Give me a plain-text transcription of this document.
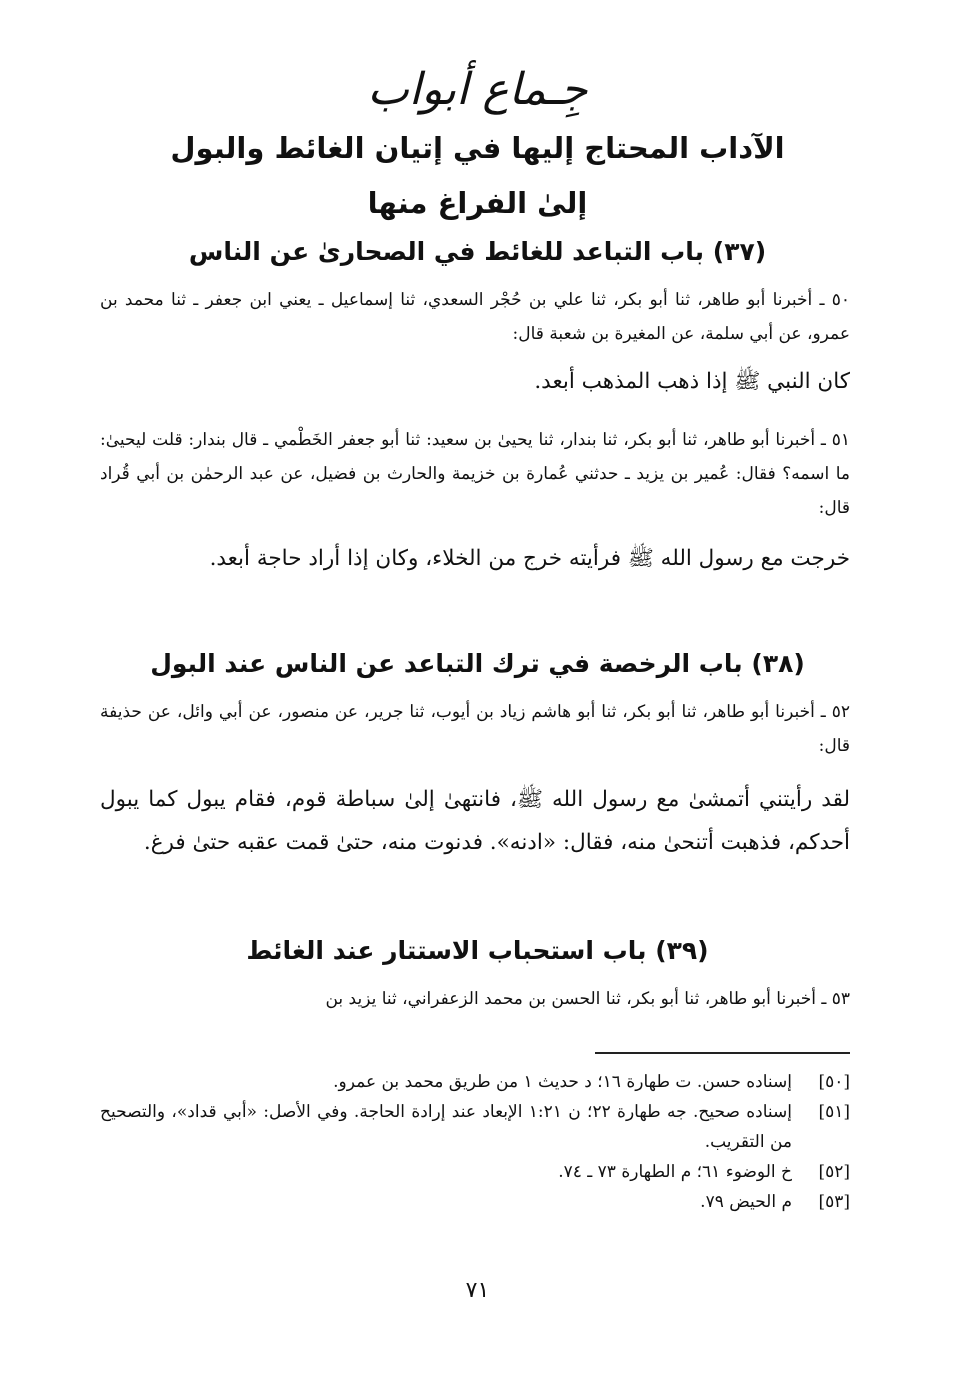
جِـماع أبواب
الآداب المحتاج إليها في إتيان الغائط والبول
إلىٰ الفراغ منها
(٣٧) باب التباعد للغائط في الصحارىٰ عن الناس
٥٠ ـ أخبرنا أبو طاهر، ثنا أبو بكر، ثنا علي بن حُجْر السعدي، ثنا إسماعيل ـ يعني ابن جعفر ـ ثنا محمد بن عمرو، عن أبي سلمة، عن المغيرة بن شعبة قال:
كان النبي ﷺ إذا ذهب المذهب أبعد.
٥١ ـ أخبرنا أبو طاهر، ثنا أبو بكر، ثنا بندار، ثنا يحيىٰ بن سعيد: ثنا أبو جعفر الخَطْمي ـ قال بندار: قلت ليحيىٰ: ما اسمه؟ فقال: عُمير بن يزيد ـ حدثني عُمارة بن خزيمة والحارث بن فضيل، عن عبد الرحمٰن بن أبي قُراد قال:
خرجت مع رسول الله ﷺ فرأيته خرج من الخلاء، وكان إذا أراد حاجة أبعد.
(٣٨) باب الرخصة في ترك التباعد عن الناس عند البول
٥٢ ـ أخبرنا أبو طاهر، ثنا أبو بكر، ثنا أبو هاشم زياد بن أيوب، ثنا جرير، عن منصور، عن أبي وائل، عن حذيفة قال:
لقد رأيتني أتمشىٰ مع رسول الله ﷺ، فانتهىٰ إلىٰ سباطة قوم، فقام يبول كما يبول أحدكم، فذهبت أتنحىٰ منه، فقال: «ادنه». فدنوت منه، حتىٰ قمت عقبه حتىٰ فرغ.
(٣٩) باب استحباب الاستتار عند الغائط
٥٣ ـ أخبرنا أبو طاهر، ثنا أبو بكر، ثنا الحسن بن محمد الزعفراني، ثنا يزيد بن
[٥٠]
إسناده حسن. ت طهارة ١٦؛ د حديث ١ من طريق محمد بن عمرو.
[٥١]
إسناده صحيح. جه طهارة ٢٢؛ ن ١:٢١ الإبعاد عند إرادة الحاجة. وفي الأصل: «أبي قداد»، والتصحيح من التقريب.
[٥٢]
خ الوضوء ٦١؛ م الطهارة ٧٣ ـ ٧٤.
[٥٣]
م الحيض ٧٩.
٧١
